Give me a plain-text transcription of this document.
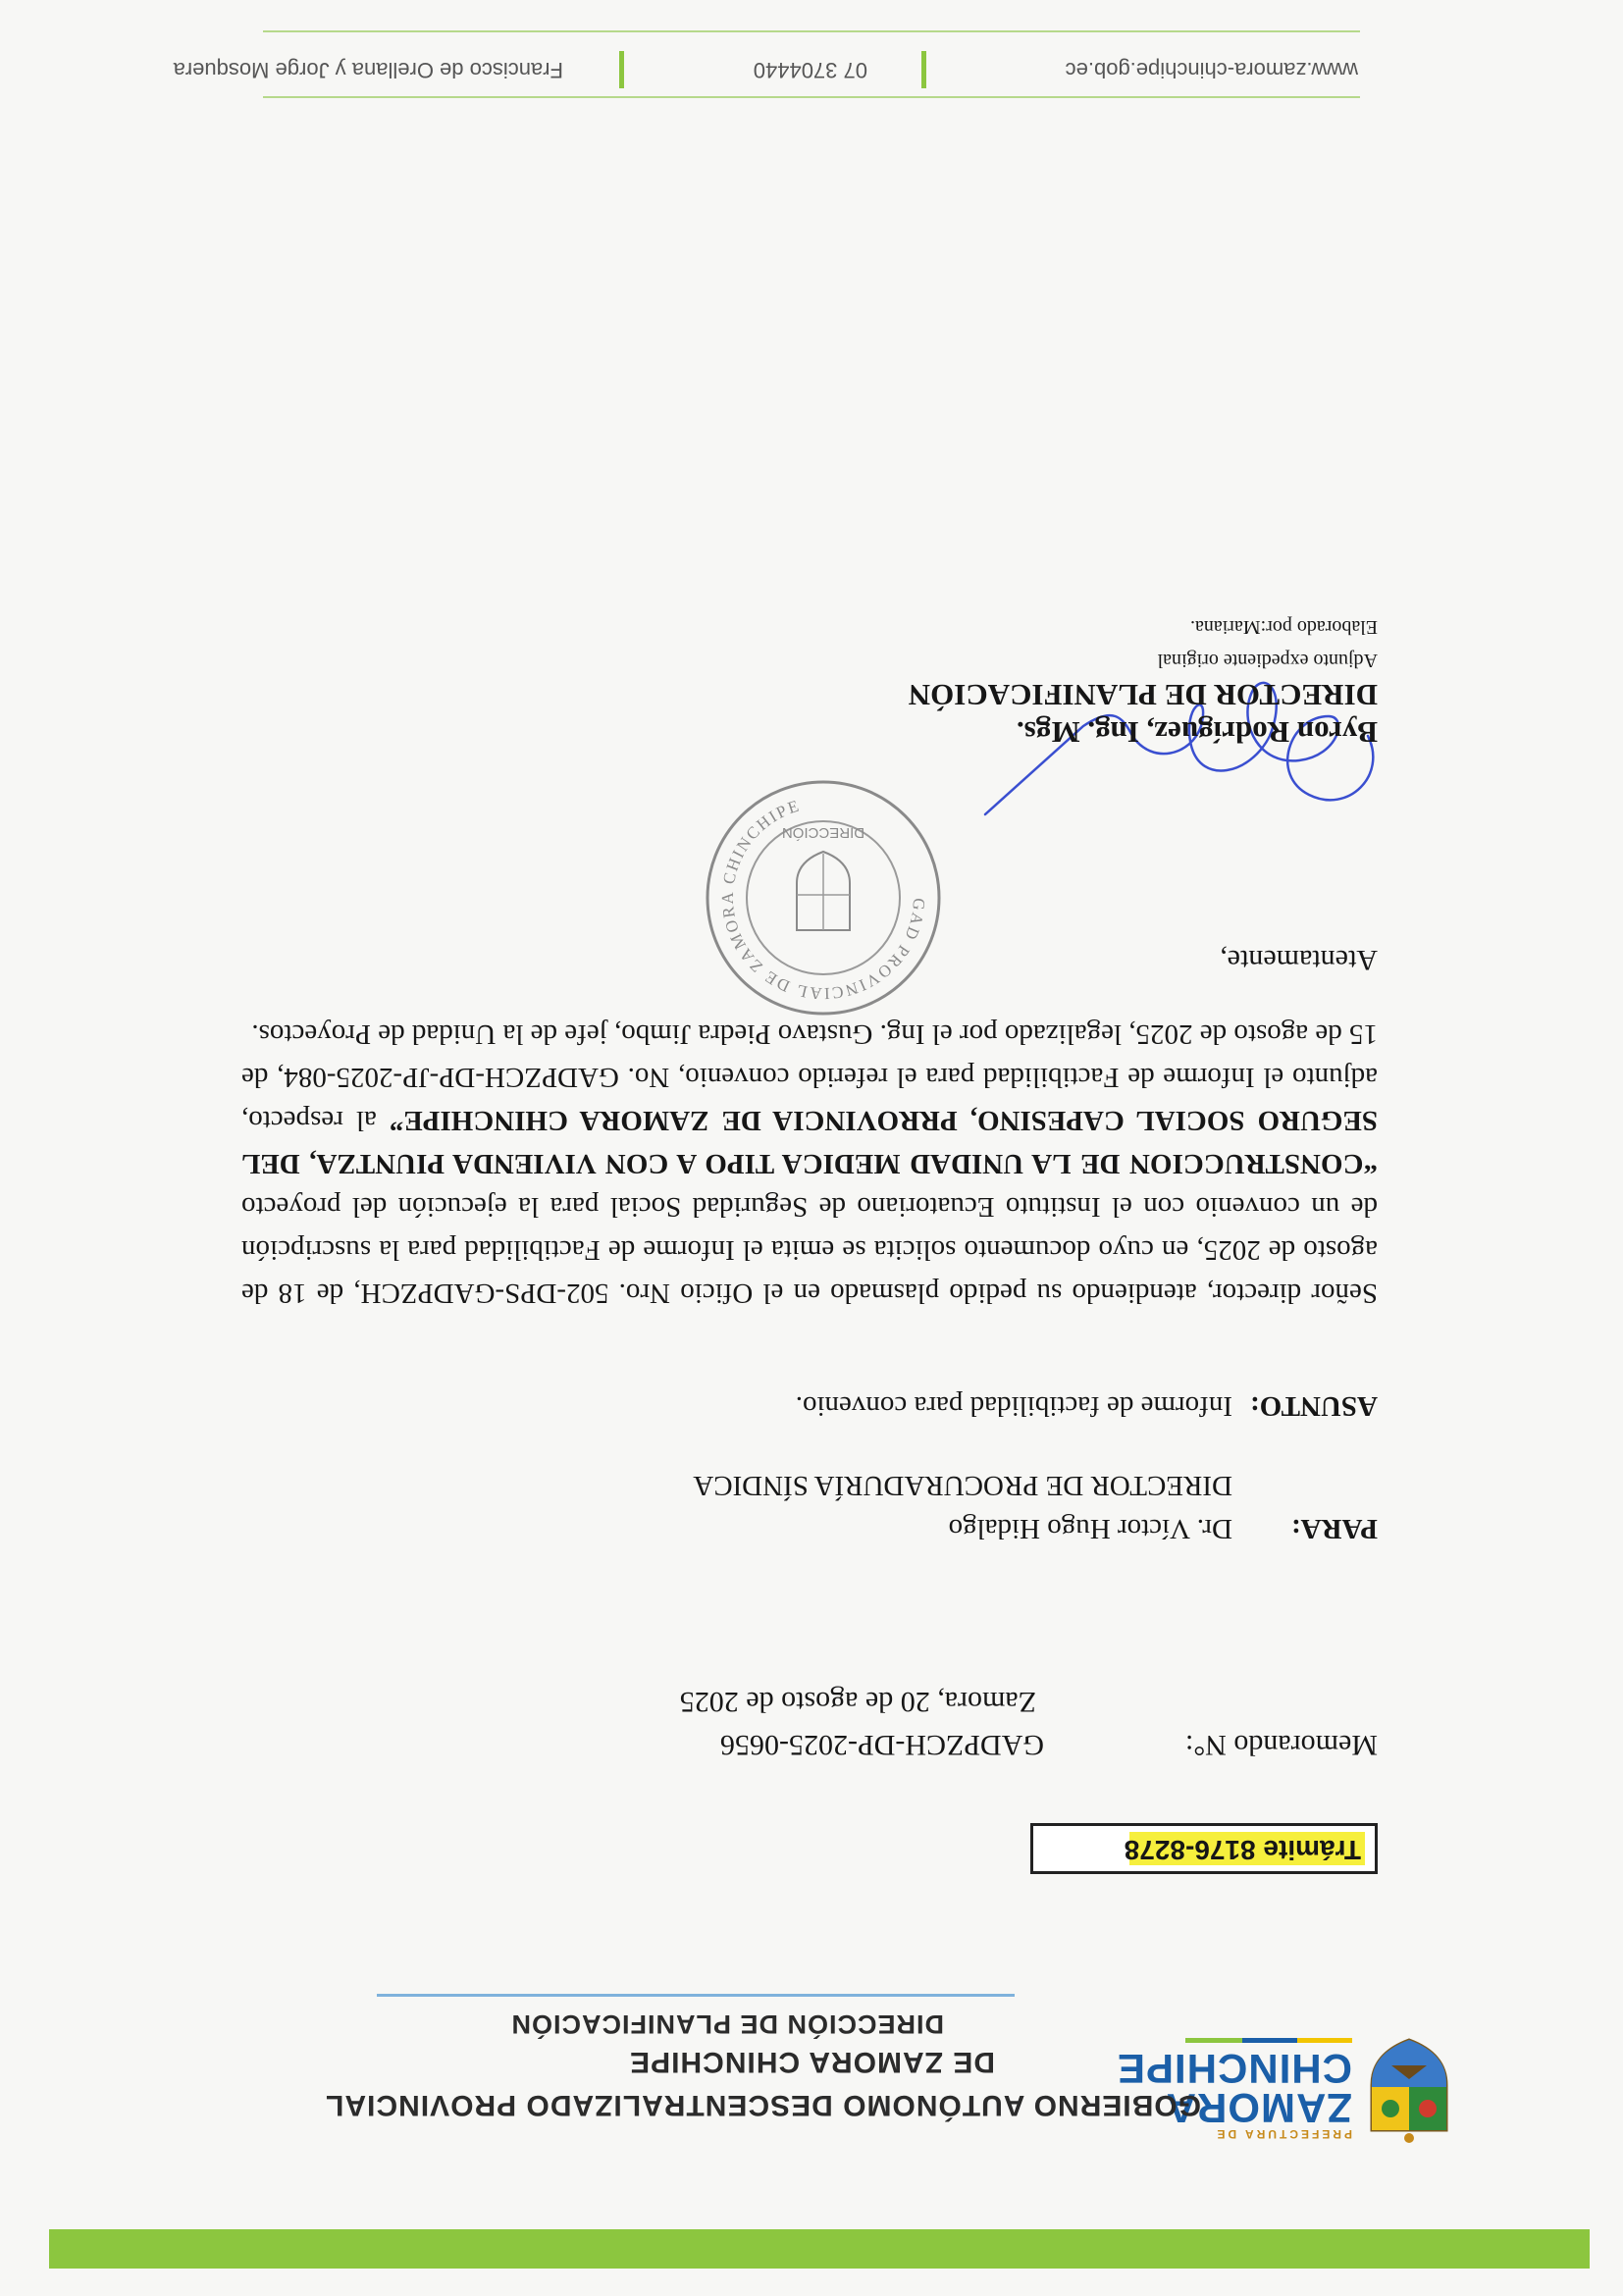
PREFECTURA DE
ZAMORA
CHINCHIPE
GOBIERNO AUTÓNOMO DESCENTRALIZADO PROVINCIAL
DE ZAMORA CHINCHIPE
DIRECCIÓN DE PLANIFICACIÓN
Trámite 8176-8278
Memorando N°:GADPZCH-DP-2025-0656
Zamora, 20 de agosto de 2025
PARA:Dr. Víctor Hugo Hidalgo
DIRECTOR DE PROCURADURÍA SÍNDICA
ASUNTO:Informe de factibilidad para convenio.
Señor director, atendiendo su pedido plasmado en el Oficio Nro. 502-DPS-GADPZCH, de 18 de agosto de 2025, en cuyo documento solicita se emita el Informe de Factibilidad para la suscripción de un convenio con el Instituto Ecuatoriano de Seguridad Social para la ejecución del proyecto “CONSTRUCCION DE LA UNIDAD MEDICA TIPO A CON VIVIENDA PIUNTZA, DEL SEGURO SOCIAL CAPESINO, PRROVINCIA DE ZAMORA CHINCHIPE” al respecto, adjunto el Informe de Factibilidad para el referido convenio, No. GADPZCH-DP-JP-2025-084, de 15 de agosto de 2025, legalizado por el Ing. Gustavo Piedra Jimbo, jefe de la Unidad de Proyectos.
Atentamente,
GAD PROVINCIAL DE ZAMORA CHINCHIPE
DIRECCIÓN
Byron Rodríguez, Ing. Mgs.
DIRECTOR DE PLANIFICACIÓN
Adjunto expediente original
Elaborado por:Mariana.
www.zamora-chinchipe.gob.ec
07 3704440
Francisco de Orellana y Jorge Mosquera
